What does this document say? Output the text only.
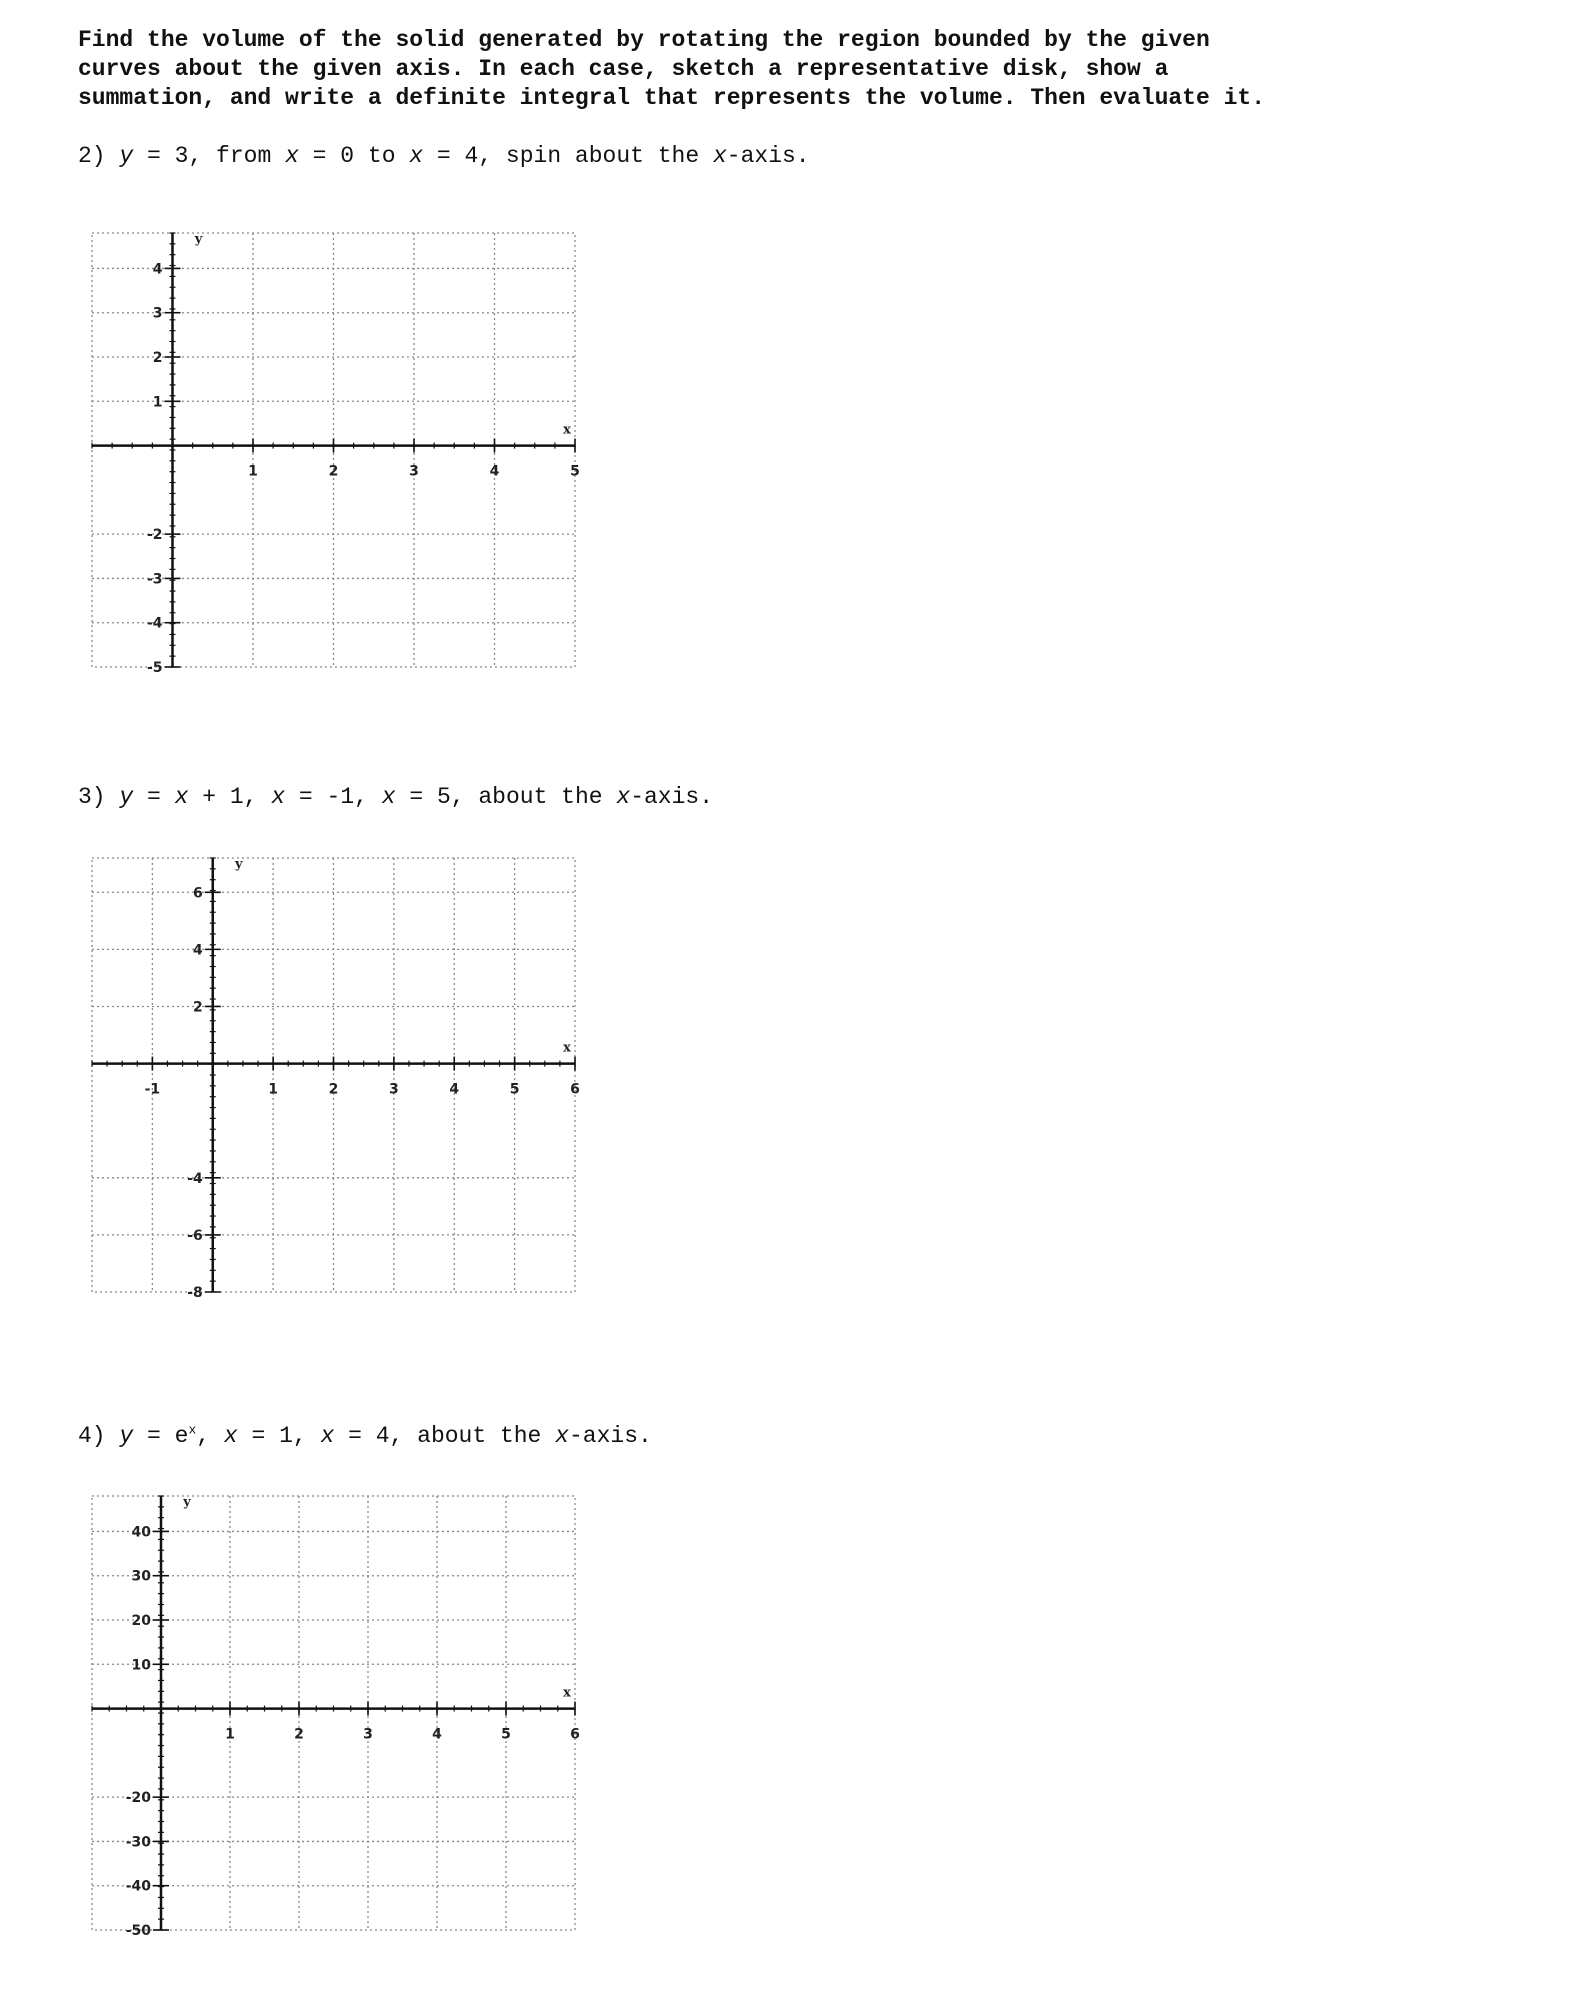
Find the volume of the solid generated by rotating the region bounded by the given
curves about the given axis. In each case, sketch a representative disk, show a
summation, and write a definite integral that represents the volume. Then evaluate it.
2) y = 3, from x = 0 to x = 4, spin about the x-axis.
1	2	3	4	5
-5
-4
-3
-2
1
2
3
4
x
y
3) y = x + 1, x = -1, x = 5, about the x-axis.
-1	1	2	3	4	5	6
-8
-6
-4
2
4
6
x
y
4) $y = e^x$, x = 1, x = 4, about the x-axis.
1	2	3	4	5	6
-50
-40
-30
-20
10
20
30
40
x
y
